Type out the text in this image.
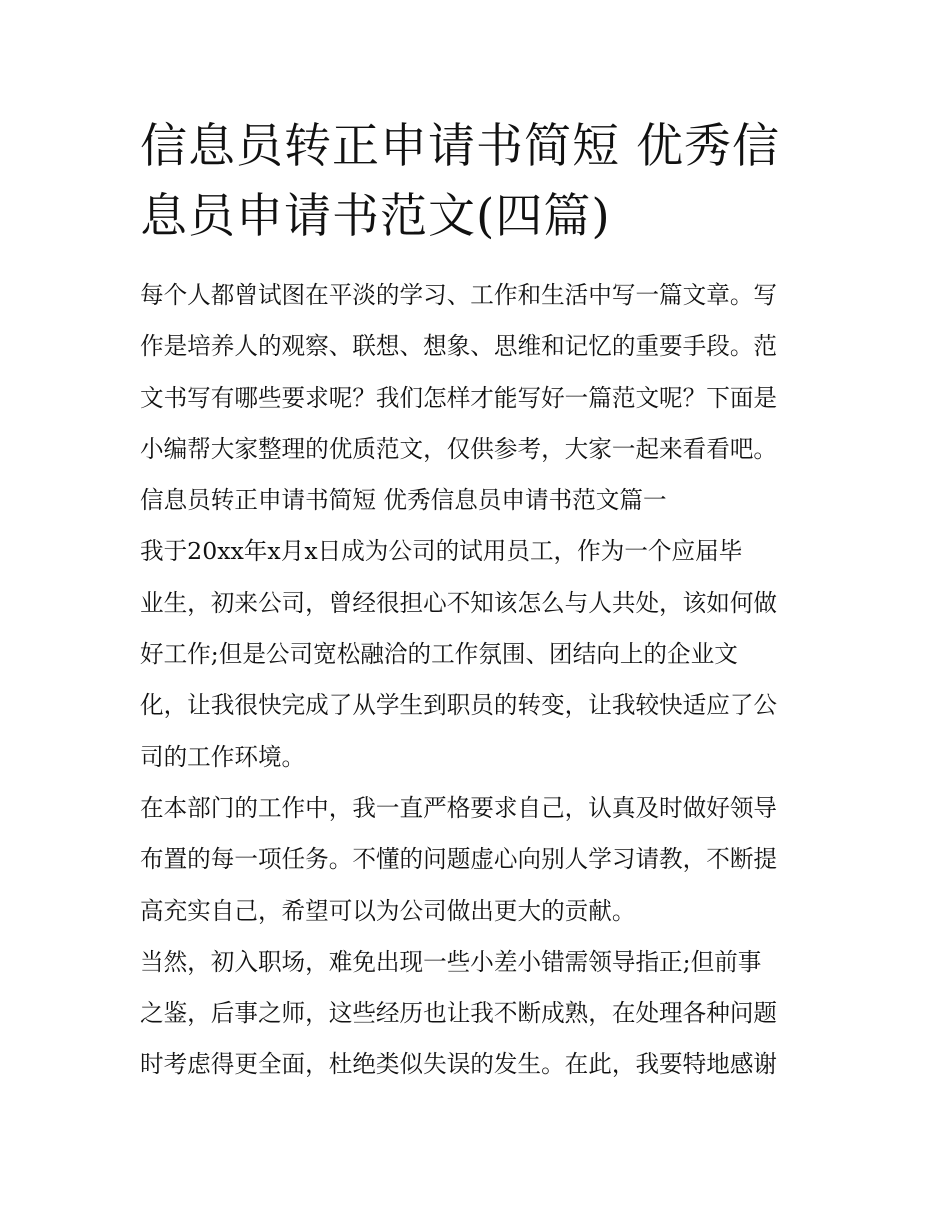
信息员转正申请书简短 优秀信
息员申请书范文(四篇)
每个人都曾试图在平淡的学习、工作和生活中写一篇文章。写
作是培养人的观察、联想、想象、思维和记忆的重要手段。范
文书写有哪些要求呢？我们怎样才能写好一篇范文呢？下面是
小编帮大家整理的优质范文，仅供参考，大家一起来看看吧。
信息员转正申请书简短 优秀信息员申请书范文篇一
我于20xx年x月x日成为公司的试用员工，作为一个应届毕
业生，初来公司，曾经很担心不知该怎么与人共处，该如何做
好工作;但是公司宽松融洽的工作氛围、团结向上的企业文
化，让我很快完成了从学生到职员的转变，让我较快适应了公
司的工作环境。
在本部门的工作中，我一直严格要求自己，认真及时做好领导
布置的每一项任务。不懂的问题虚心向别人学习请教，不断提
高充实自己，希望可以为公司做出更大的贡献。
当然，初入职场，难免出现一些小差小错需领导指正;但前事
之鉴，后事之师，这些经历也让我不断成熟，在处理各种问题
时考虑得更全面，杜绝类似失误的发生。在此，我要特地感谢
